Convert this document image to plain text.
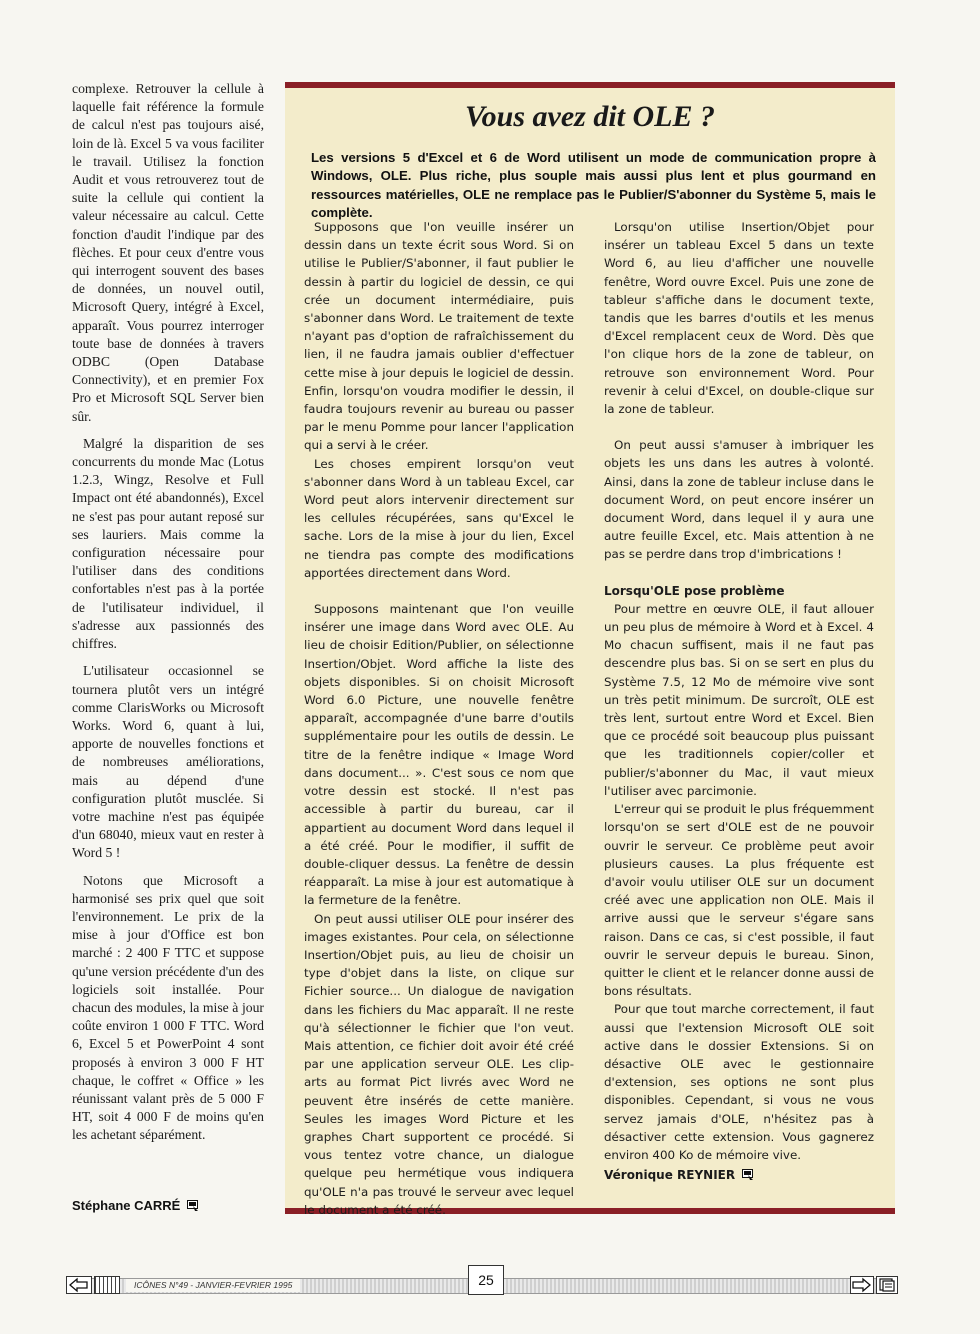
complexe. Retrouver la cellule à laquelle fait référence la formule de calcul n'est pas toujours aisé, loin de là. Excel 5 va vous faciliter le travail. Utilisez la fonction Audit et vous retrouverez tout de suite la cellule qui contient la valeur nécessaire au calcul. Cette fonction d'audit l'indique par des flèches. Et pour ceux d'entre vous qui interrogent souvent des bases de données, un nouvel outil, Microsoft Query, intégré à Excel, apparaît. Vous pourrez interroger toute base de données à travers ODBC (Open Database Connectivity), et en premier Fox Pro et Microsoft SQL Server bien sûr.

Malgré la disparition de ses concurrents du monde Mac (Lotus 1.2.3, Wingz, Resolve et Full Impact ont été abandonnés), Excel ne s'est pas pour autant reposé sur ses lauriers. Mais comme la configuration nécessaire pour l'utiliser dans des conditions confortables n'est pas à la portée de l'utilisateur individuel, il s'adresse aux passionnés des chiffres.

L'utilisateur occasionnel se tournera plutôt vers un intégré comme ClarisWorks ou Microsoft Works. Word 6, quant à lui, apporte de nouvelles fonctions et de nombreuses améliorations, mais au dépend d'une configuration plutôt musclée. Si votre machine n'est pas équipée d'un 68040, mieux vaut en rester à Word 5 !

Notons que Microsoft a harmonisé ses prix quel que soit l'environnement. Le prix de la mise à jour d'Office est bon marché : 2 400 F TTC et suppose qu'une version précédente d'un des logiciels soit installée. Pour chacun des modules, la mise à jour coûte environ 1 000 F TTC. Word 6, Excel 5 et PowerPoint 4 sont proposés à environ 3 000 F HT chaque, le coffret « Office » les réunissant valant près de 5 000 F HT, soit 4 000 F de moins qu'en les achetant séparément.

Stéphane CARRÉ
Vous avez dit OLE ?
Les versions 5 d'Excel et 6 de Word utilisent un mode de communication propre à Windows, OLE. Plus riche, plus souple mais aussi plus lent et plus gourmand en ressources matérielles, OLE ne remplace pas le Publier/S'abonner du Système 5, mais le complète.

Supposons que l'on veuille insérer un dessin dans un texte écrit sous Word. Si on utilise le Publier/S'abonner, il faut publier le dessin à partir du logiciel de dessin, ce qui crée un document intermédiaire, puis s'abonner dans Word. Le traitement de texte n'ayant pas d'option de rafraîchissement du lien, il ne faudra jamais oublier d'effectuer cette mise à jour depuis le logiciel de dessin. Enfin, lorsqu'on voudra modifier le dessin, il faudra toujours revenir au bureau ou passer par le menu Pomme pour lancer l'application qui a servi à le créer.

Les choses empirent lorsqu'on veut s'abonner dans Word à un tableau Excel, car Word peut alors intervenir directement sur les cellules récupérées, sans qu'Excel le sache. Lors de la mise à jour du lien, Excel ne tiendra pas compte des modifications apportées directement dans Word.

Supposons maintenant que l'on veuille insérer une image dans Word avec OLE. Au lieu de choisir Edition/Publier, on sélectionne Insertion/Objet. Word affiche la liste des objets disponibles. Si on choisit Microsoft Word 6.0 Picture, une nouvelle fenêtre apparaît, accompagnée d'une barre d'outils supplémentaire pour les outils de dessin. Le titre de la fenêtre indique « Image Word dans document... ». C'est sous ce nom que votre dessin est stocké. Il n'est pas accessible à partir du bureau, car il appartient au document Word dans lequel il a été créé. Pour le modifier, il suffit de double-cliquer dessus. La fenêtre de dessin réapparaît. La mise à jour est automatique à la fermeture de la fenêtre.

On peut aussi utiliser OLE pour insérer des images existantes. Pour cela, on sélectionne Insertion/Objet puis, au lieu de choisir un type d'objet dans la liste, on clique sur Fichier source... Un dialogue de navigation dans les fichiers du Mac apparaît. Il ne reste qu'à sélectionner le fichier que l'on veut. Mais attention, ce fichier doit avoir été créé par une application serveur OLE. Les clip-arts au format Pict livrés avec Word ne peuvent être insérés de cette manière. Seules les images Word Picture et les graphes Chart supportent ce procédé. Si vous tentez votre chance, un dialogue quelque peu hermétique vous indiquera qu'OLE n'a pas trouvé le serveur avec lequel le document a été créé.

Lorsqu'on utilise Insertion/Objet pour insérer un tableau Excel 5 dans un texte Word 6, au lieu d'afficher une nouvelle fenêtre, Word ouvre Excel. Puis une zone de tableur s'affiche dans le document texte, tandis que les barres d'outils et les menus d'Excel remplacent ceux de Word. Dès que l'on clique hors de la zone de tableur, on retrouve son environnement Word. Pour revenir à celui d'Excel, on double-clique sur la zone de tableur.

On peut aussi s'amuser à imbriquer les objets les uns dans les autres à volonté. Ainsi, dans la zone de tableur incluse dans le document Word, on peut encore insérer un document Word, dans lequel il y aura une autre feuille Excel, etc. Mais attention à ne pas se perdre dans trop d'imbrications !

Lorsqu'OLE pose problème

Pour mettre en œuvre OLE, il faut allouer un peu plus de mémoire à Word et à Excel. 4 Mo chacun suffisent, mais il ne faut pas descendre plus bas. Si on se sert en plus du Système 7.5, 12 Mo de mémoire vive sont un très petit minimum. De surcroît, OLE est très lent, surtout entre Word et Excel. Bien que ce procédé soit beaucoup plus puissant que les traditionnels copier/coller et publier/s'abonner du Mac, il vaut mieux l'utiliser avec parcimonie.

L'erreur qui se produit le plus fréquemment lorsqu'on se sert d'OLE est de ne pouvoir ouvrir le serveur. Ce problème peut avoir plusieurs causes. La plus fréquente est d'avoir voulu utiliser OLE sur un document créé avec une application non OLE. Mais il arrive aussi que le serveur s'égare sans raison. Dans ce cas, si c'est possible, il faut ouvrir le serveur depuis le bureau. Sinon, quitter le client et le relancer donne aussi de bons résultats.

Pour que tout marche correctement, il faut aussi que l'extension Microsoft OLE soit active dans le dossier Extensions. Si on désactive OLE avec le gestionnaire d'extension, ses options ne sont plus disponibles. Cependant, si vous ne vous servez jamais d'OLE, n'hésitez pas à désactiver cette extension. Vous gagnerez environ 400 Ko de mémoire vive.

Véronique REYNIER
ICÔNES N°49 - JANVIER-FEVRIER 1995	25
